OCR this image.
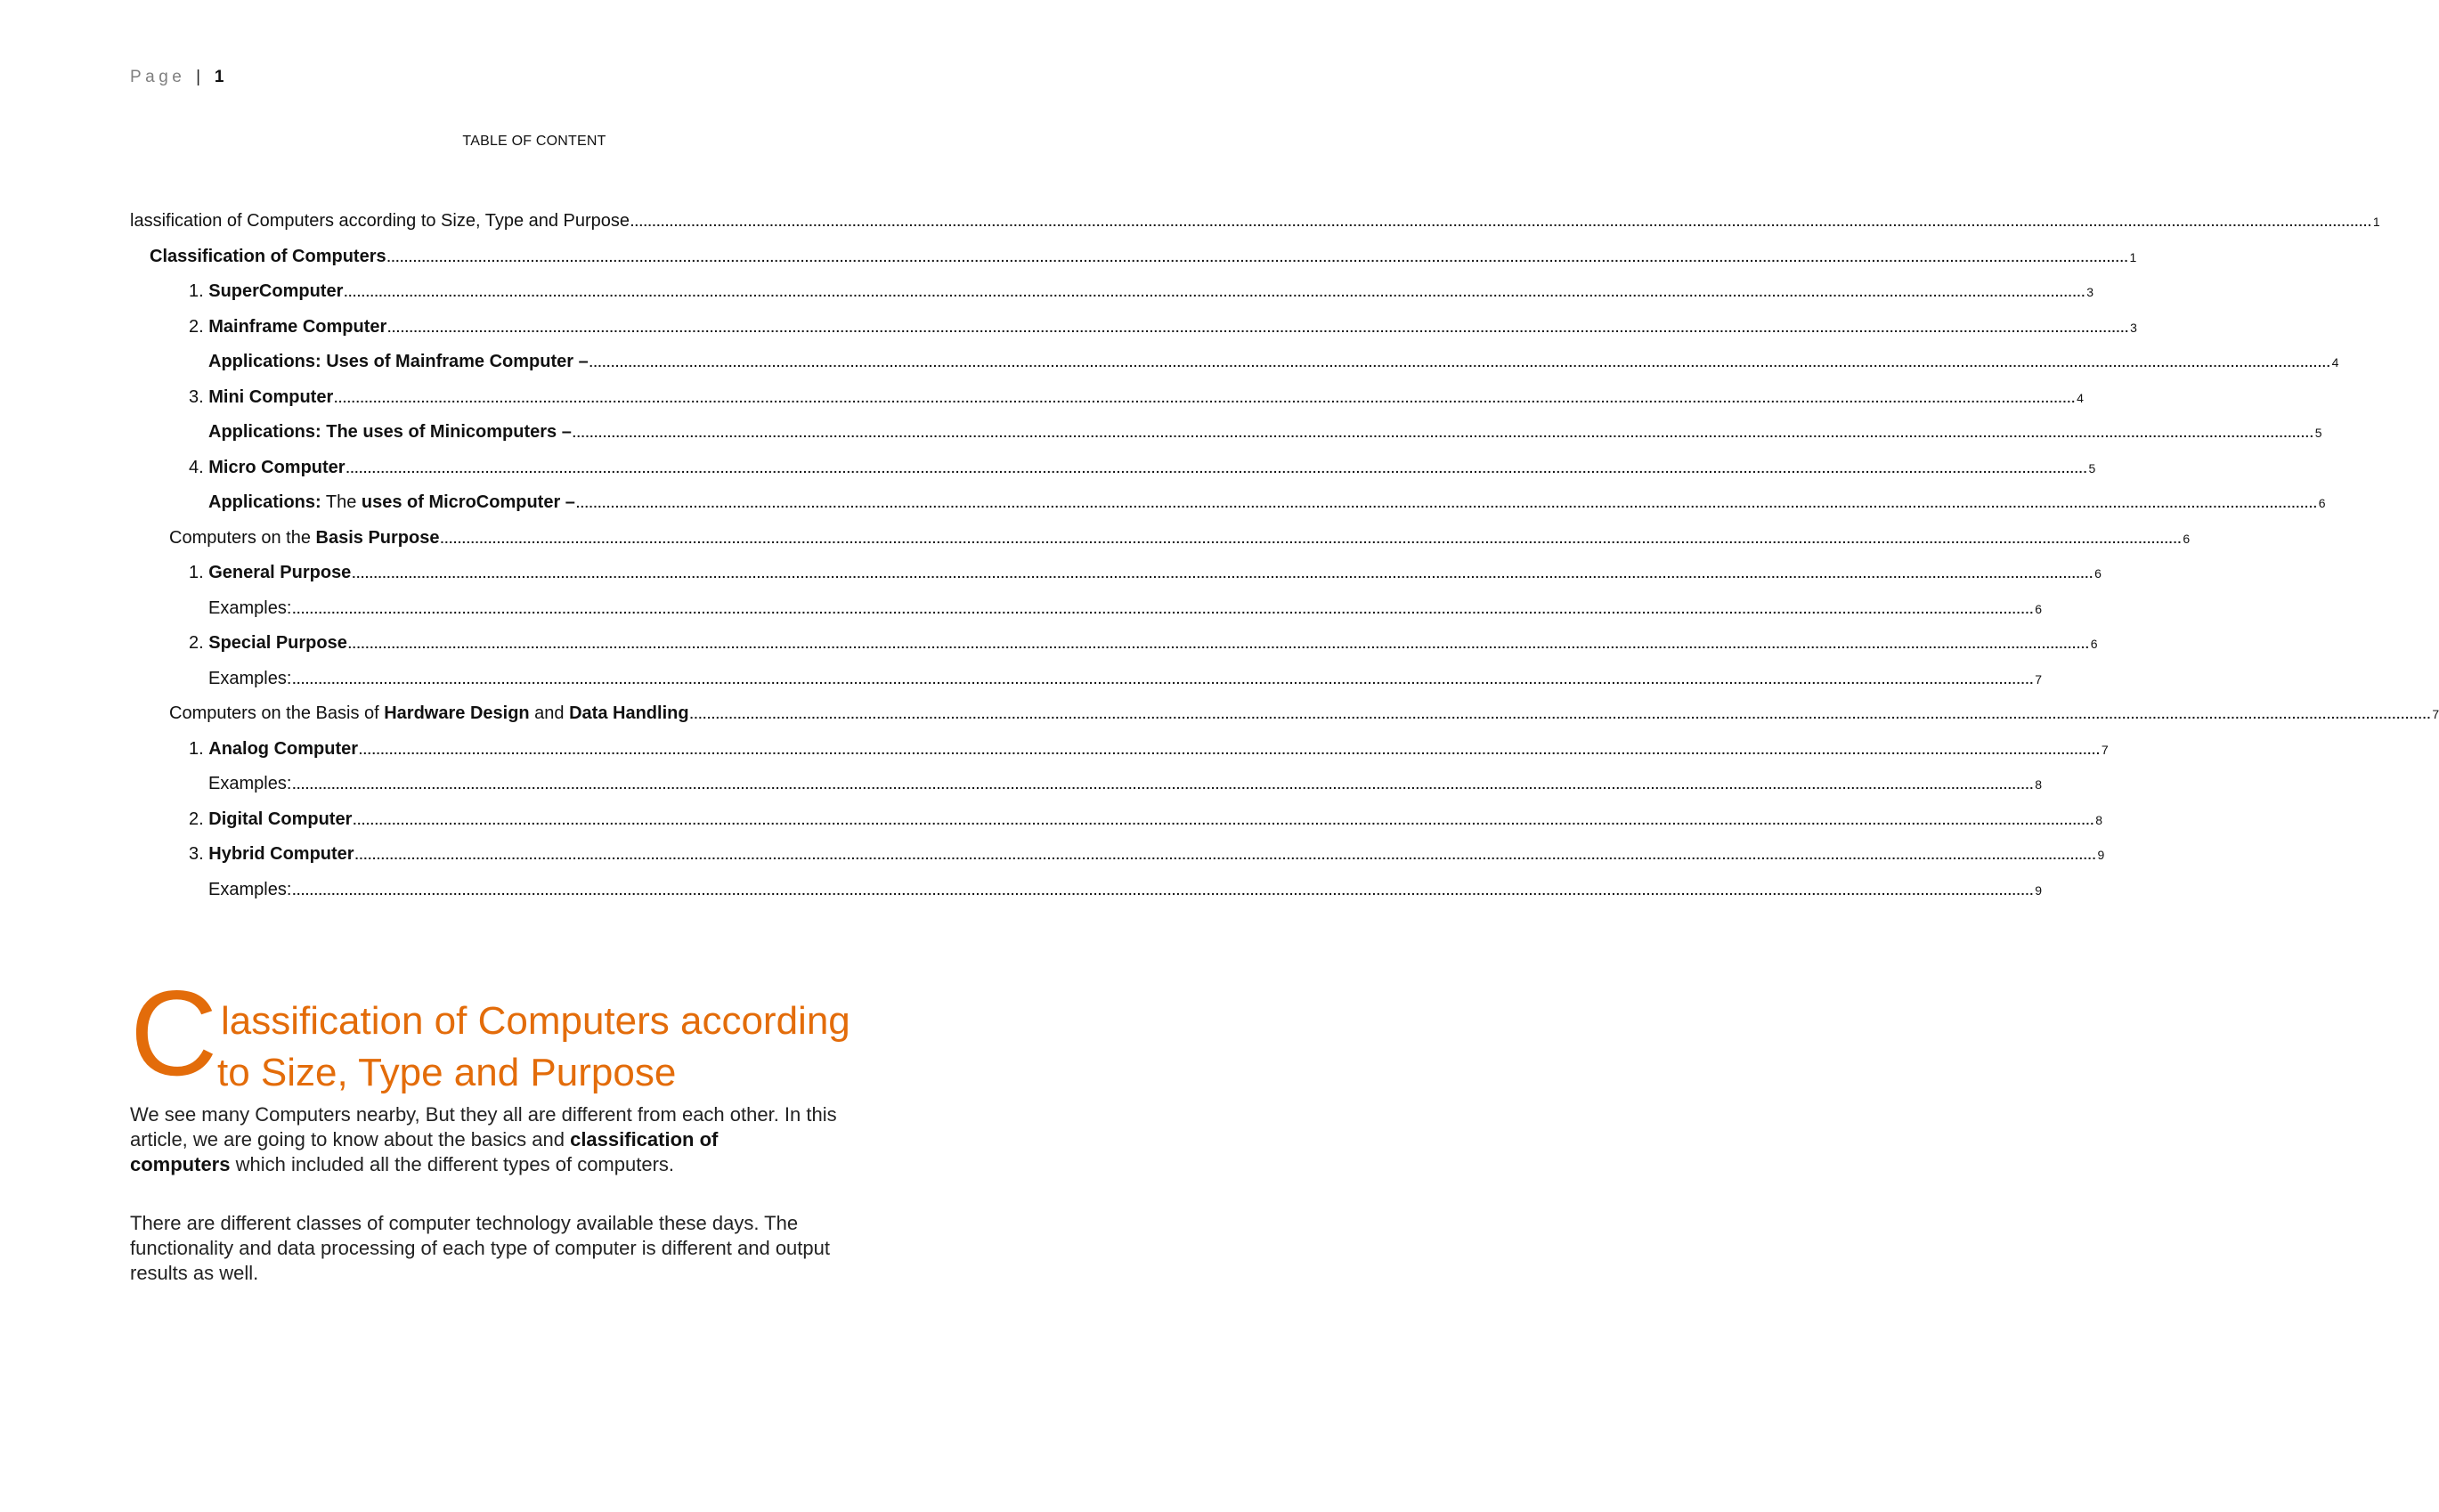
Page | 1
TABLE OF CONTENT
lassification of Computers according to Size, Type and Purpose ................................................................................................................................................................................................................................................................................................................................................................................................................ 1
Classification of Computers ................................................................................................................................................................................................................................................................................................................................................................................................................ 1
1. SuperComputer ................................................................................................................................................................................................................................................................................................................................................................................................................ 3
2. Mainframe Computer ................................................................................................................................................................................................................................................................................................................................................................................................................ 3
Applications: Uses of Mainframe Computer – ................................................................................................................................................................................................................................................................................................................................................................................................................ 4
3. Mini Computer ................................................................................................................................................................................................................................................................................................................................................................................................................ 4
Applications: The uses of Minicomputers – ................................................................................................................................................................................................................................................................................................................................................................................................................ 5
4. Micro Computer ................................................................................................................................................................................................................................................................................................................................................................................................................ 5
Applications: The uses of MicroComputer – ................................................................................................................................................................................................................................................................................................................................................................................................................ 6
Computers on the Basis Purpose ................................................................................................................................................................................................................................................................................................................................................................................................................ 6
1. General Purpose ................................................................................................................................................................................................................................................................................................................................................................................................................ 6
Examples: ................................................................................................................................................................................................................................................................................................................................................................................................................ 6
2. Special Purpose ................................................................................................................................................................................................................................................................................................................................................................................................................ 6
Examples: ................................................................................................................................................................................................................................................................................................................................................................................................................ 7
Computers on the Basis of Hardware Design and Data Handling ................................................................................................................................................................................................................................................................................................................................................................................................................ 7
1. Analog Computer ................................................................................................................................................................................................................................................................................................................................................................................................................ 7
Examples: ................................................................................................................................................................................................................................................................................................................................................................................................................ 8
2. Digital Computer ................................................................................................................................................................................................................................................................................................................................................................................................................ 8
3. Hybrid Computer ................................................................................................................................................................................................................................................................................................................................................................................................................ 9
Examples: ................................................................................................................................................................................................................................................................................................................................................................................................................ 9
C lassification of Computers according
to Size, Type and Purpose
We see many Computers nearby, But they all are different from each other. In this
article, we are going to know about the basics and classification of
computers which included all the different types of computers.
There are different classes of computer technology available these days. The
functionality and data processing of each type of computer is different and output
results as well.
